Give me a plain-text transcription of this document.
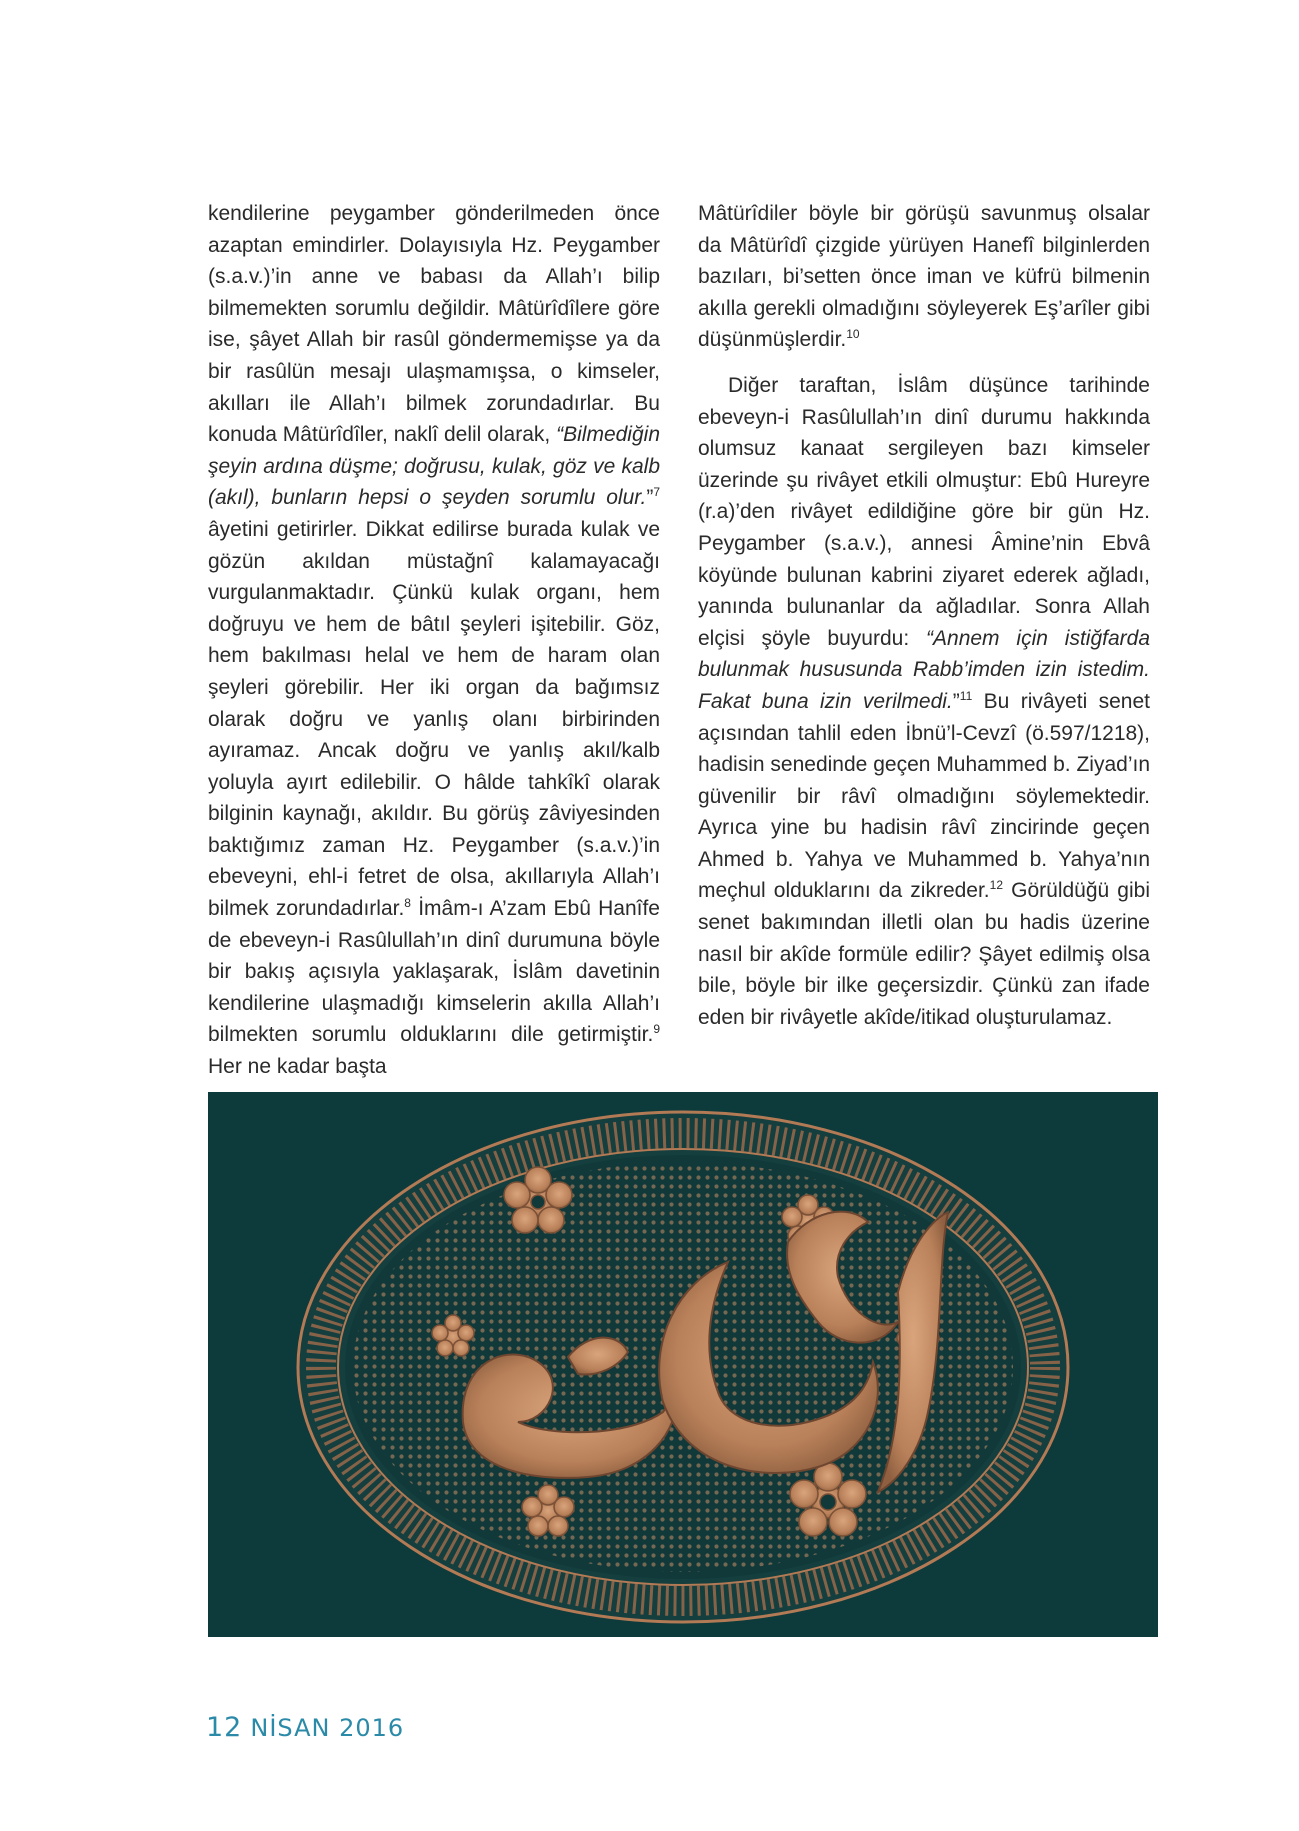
kendilerine peygamber gönderilmeden önce azaptan emindirler. Dolayısıyla Hz. Peygamber (s.a.v.)’in anne ve babası da Allah’ı bilip bilmemekten sorumlu değildir. Mâtürîdîlere göre ise, şâyet Allah bir rasûl göndermemişse ya da bir rasûlün mesajı ulaşmamışsa, o kimseler, akılları ile Allah’ı bilmek zorundadırlar. Bu konuda Mâtürîdîler, naklî delil olarak, “Bilmediğin şeyin ardına düşme; doğrusu, kulak, göz ve kalb (akıl), bunların hepsi o şeyden sorumlu olur.”$^7$ âyetini getirirler. Dikkat edilirse burada kulak ve gözün akıldan müstağnî kalamayacağı vurgulanmaktadır. Çünkü kulak organı, hem doğruyu ve hem de bâtıl şeyleri işitebilir. Göz, hem bakılması helal ve hem de haram olan şeyleri görebilir. Her iki organ da bağımsız olarak doğru ve yanlış olanı birbirinden ayıramaz. Ancak doğru ve yanlış akıl/kalb yoluyla ayırt edilebilir. O hâlde tahkîkî olarak bilginin kaynağı, akıldır. Bu görüş zâviyesinden baktığımız zaman Hz. Peygamber (s.a.v.)’in ebeveyni, ehl-i fetret de olsa, akıllarıyla Allah’ı bilmek zorundadırlar.$^8$ İmâm-ı A’zam Ebû Hanîfe de ebeveyn-i Rasûlullah’ın dinî durumuna böyle bir bakış açısıyla yaklaşarak, İslâm davetinin kendilerine ulaşmadığı kimselerin akılla Allah’ı bilmekten sorumlu olduklarını dile getirmiştir.$^9$ Her ne kadar başta

Mâtürîdiler böyle bir görüşü savunmuş olsalar da Mâtürîdî çizgide yürüyen Hanefî bilginlerden bazıları, bi’setten önce iman ve küfrü bilmenin akılla gerekli olmadığını söyleyerek Eş’arîler gibi düşünmüşlerdir.$^{10}$

Diğer taraftan, İslâm düşünce tarihinde ebeveyn-i Rasûlullah’ın dinî durumu hakkında olumsuz kanaat sergileyen bazı kimseler üzerinde şu rivâyet etkili olmuştur: Ebû Hureyre (r.a)’den rivâyet edildiğine göre bir gün Hz. Peygamber (s.a.v.), annesi Âmine’nin Ebvâ köyünde bulunan kabrini ziyaret ederek ağladı, yanında bulunanlar da ağladılar. Sonra Allah elçisi şöyle buyurdu: “Annem için istiğfarda bulunmak hususunda Rabb’imden izin istedim. Fakat buna izin verilmedi.”$^{11}$ Bu rivâyeti senet açısından tahlil eden İbnü’l-Cevzî (ö.597/1218), hadisin senedinde geçen Muhammed b. Ziyad’ın güvenilir bir râvî olmadığını söylemektedir. Ayrıca yine bu hadisin râvî zincirinde geçen Ahmed b. Yahya ve Muhammed b. Yahya’nın meçhul olduklarını da zikreder.$^{12}$ Görüldüğü gibi senet bakımından illetli olan bu hadis üzerine nasıl bir akîde formüle edilir? Şâyet edilmiş olsa bile, böyle bir ilke geçersizdir. Çünkü zan ifade eden bir rivâyetle akîde/itikad oluşturulamaz.

12 NİSAN 2016
